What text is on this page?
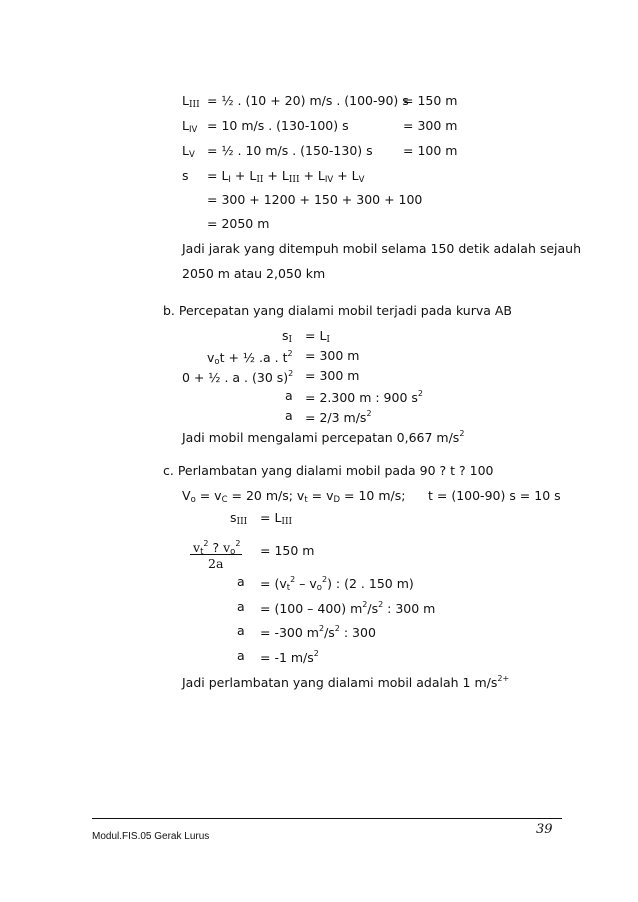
LIII = ½ . (10 + 20) m/s . (100-90) s
= 150 m
$L_{IV} = 10$ m/s . (130-100) s	= 300 m
$L_V$ = ½ . 10 m/s . (150-130) s = 100 m
$s = L_I$ + LII + LIII + $L_{IV} + L_V$
= 300 + 1200 + 150 + 300 + 100
= 2050 m
Jadi jarak yang ditempuh mobil selama 150 detik adalah sejauh
2050 m atau 2,050 km
b. Percepatan yang dialami mobil terjadi pada kurva AB
sI = LI
$v_ot$ + ½ .a . $t^2 = 300$ m
0 + ½ . a . (30 s)$^2$ = 300 m
a = 2.300 m : 900 $s^2$
a = 2/3 $m/s^2$
Jadi mobil mengalami percepatan 0,667 $m/s^2$
c. Perlambatan yang dialami mobil pada 90 ? t ? 100
$V_o = v_C = 20$ m/s; $v_t = v_D = 10$ m/s; t = (100-90) s = 10 s
sIII = LIII
$v_t^2$ ? $v_o^2$
2a
= 150 m
$a = (v_t^2 - v_o^2)$ : (2 . 150 m)
a = (100 – 400) $m^2/s^2$ : 300 m
a = -300 $m^2/s^2$ : 300
a = -1 $m/s^2$
Jadi perlambatan yang dialami mobil adalah 1 $m/s^{2+}$
39
Modul.FIS.05 Gerak Lurus
